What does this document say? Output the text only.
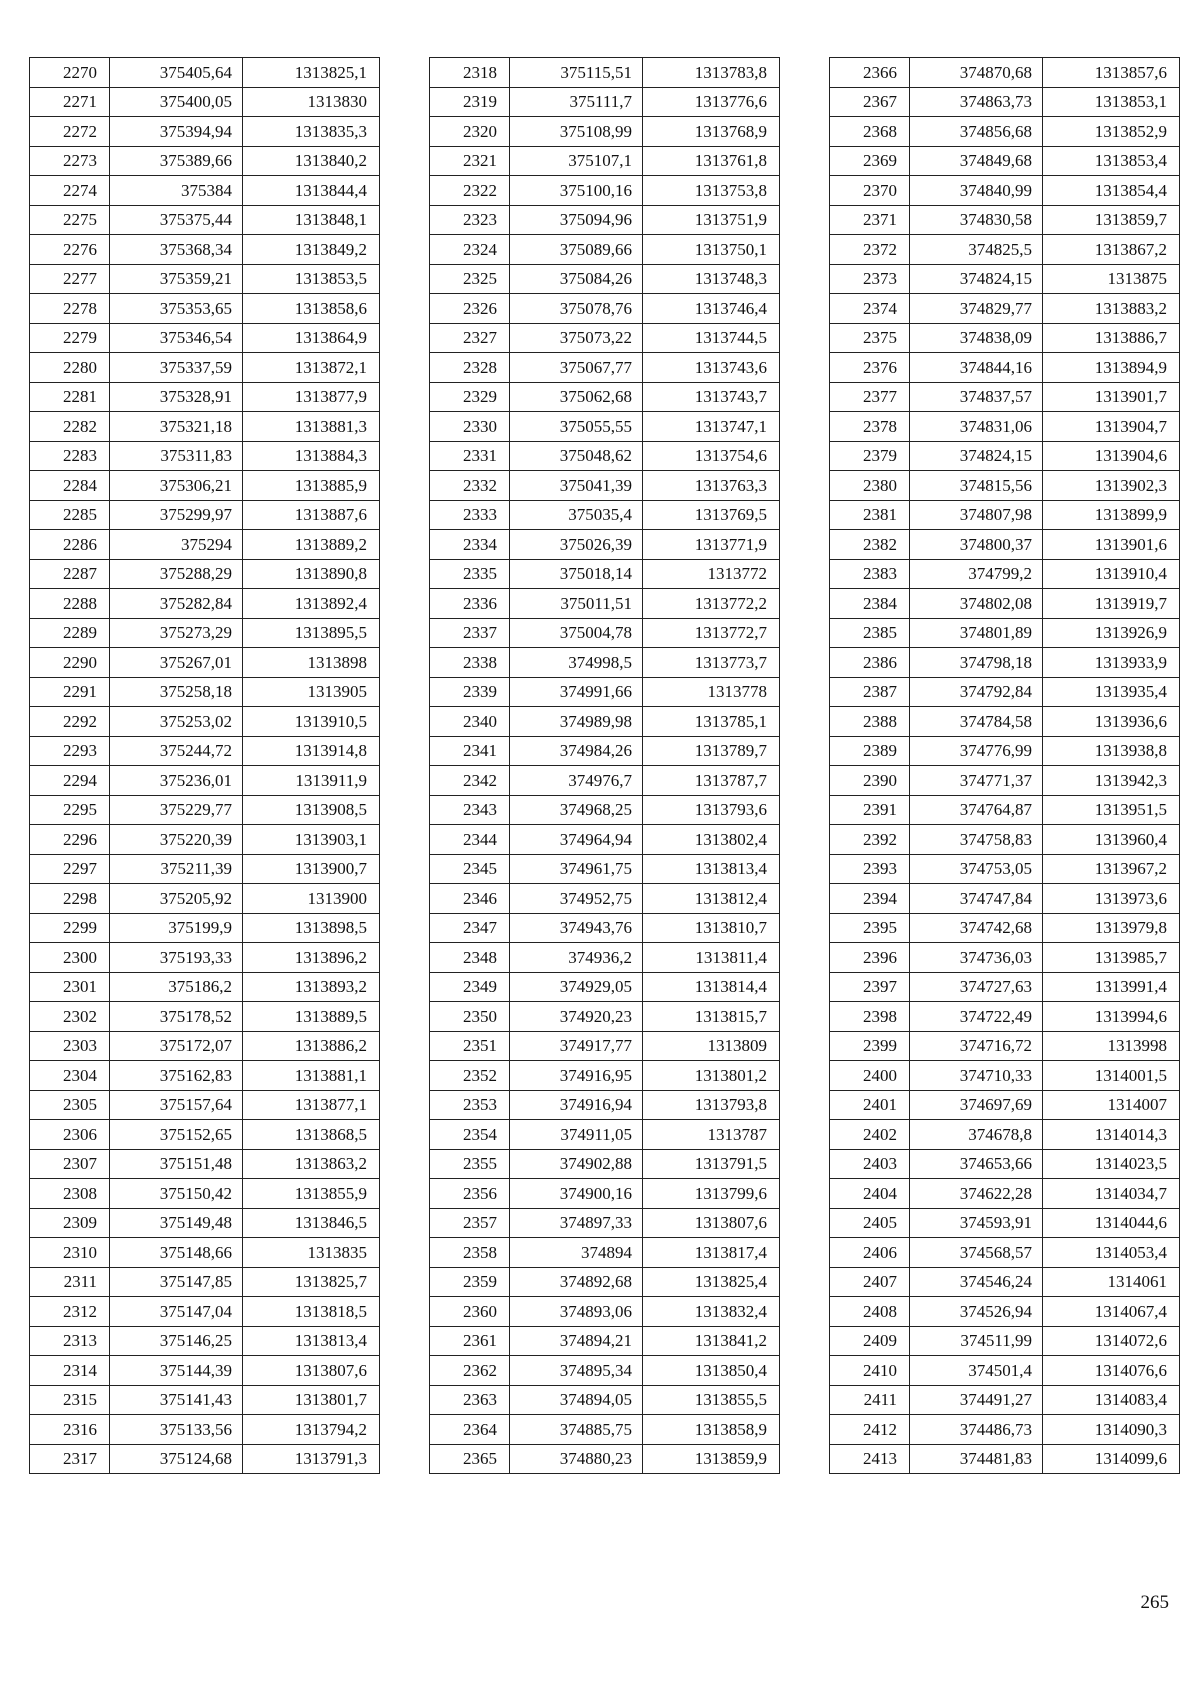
2270	375405,64	1313825,1
2271	375400,05	1313830
2272	375394,94	1313835,3
2273	375389,66	1313840,2
2274	375384	1313844,4
2275	375375,44	1313848,1
2276	375368,34	1313849,2
2277	375359,21	1313853,5
2278	375353,65	1313858,6
2279	375346,54	1313864,9
2280	375337,59	1313872,1
2281	375328,91	1313877,9
2282	375321,18	1313881,3
2283	375311,83	1313884,3
2284	375306,21	1313885,9
2285	375299,97	1313887,6
2286	375294	1313889,2
2287	375288,29	1313890,8
2288	375282,84	1313892,4
2289	375273,29	1313895,5
2290	375267,01	1313898
2291	375258,18	1313905
2292	375253,02	1313910,5
2293	375244,72	1313914,8
2294	375236,01	1313911,9
2295	375229,77	1313908,5
2296	375220,39	1313903,1
2297	375211,39	1313900,7
2298	375205,92	1313900
2299	375199,9	1313898,5
2300	375193,33	1313896,2
2301	375186,2	1313893,2
2302	375178,52	1313889,5
2303	375172,07	1313886,2
2304	375162,83	1313881,1
2305	375157,64	1313877,1
2306	375152,65	1313868,5
2307	375151,48	1313863,2
2308	375150,42	1313855,9
2309	375149,48	1313846,5
2310	375148,66	1313835
2311	375147,85	1313825,7
2312	375147,04	1313818,5
2313	375146,25	1313813,4
2314	375144,39	1313807,6
2315	375141,43	1313801,7
2316	375133,56	1313794,2
2317	375124,68	1313791,3
2318	375115,51	1313783,8
2319	375111,7	1313776,6
2320	375108,99	1313768,9
2321	375107,1	1313761,8
2322	375100,16	1313753,8
2323	375094,96	1313751,9
2324	375089,66	1313750,1
2325	375084,26	1313748,3
2326	375078,76	1313746,4
2327	375073,22	1313744,5
2328	375067,77	1313743,6
2329	375062,68	1313743,7
2330	375055,55	1313747,1
2331	375048,62	1313754,6
2332	375041,39	1313763,3
2333	375035,4	1313769,5
2334	375026,39	1313771,9
2335	375018,14	1313772
2336	375011,51	1313772,2
2337	375004,78	1313772,7
2338	374998,5	1313773,7
2339	374991,66	1313778
2340	374989,98	1313785,1
2341	374984,26	1313789,7
2342	374976,7	1313787,7
2343	374968,25	1313793,6
2344	374964,94	1313802,4
2345	374961,75	1313813,4
2346	374952,75	1313812,4
2347	374943,76	1313810,7
2348	374936,2	1313811,4
2349	374929,05	1313814,4
2350	374920,23	1313815,7
2351	374917,77	1313809
2352	374916,95	1313801,2
2353	374916,94	1313793,8
2354	374911,05	1313787
2355	374902,88	1313791,5
2356	374900,16	1313799,6
2357	374897,33	1313807,6
2358	374894	1313817,4
2359	374892,68	1313825,4
2360	374893,06	1313832,4
2361	374894,21	1313841,2
2362	374895,34	1313850,4
2363	374894,05	1313855,5
2364	374885,75	1313858,9
2365	374880,23	1313859,9
2366	374870,68	1313857,6
2367	374863,73	1313853,1
2368	374856,68	1313852,9
2369	374849,68	1313853,4
2370	374840,99	1313854,4
2371	374830,58	1313859,7
2372	374825,5	1313867,2
2373	374824,15	1313875
2374	374829,77	1313883,2
2375	374838,09	1313886,7
2376	374844,16	1313894,9
2377	374837,57	1313901,7
2378	374831,06	1313904,7
2379	374824,15	1313904,6
2380	374815,56	1313902,3
2381	374807,98	1313899,9
2382	374800,37	1313901,6
2383	374799,2	1313910,4
2384	374802,08	1313919,7
2385	374801,89	1313926,9
2386	374798,18	1313933,9
2387	374792,84	1313935,4
2388	374784,58	1313936,6
2389	374776,99	1313938,8
2390	374771,37	1313942,3
2391	374764,87	1313951,5
2392	374758,83	1313960,4
2393	374753,05	1313967,2
2394	374747,84	1313973,6
2395	374742,68	1313979,8
2396	374736,03	1313985,7
2397	374727,63	1313991,4
2398	374722,49	1313994,6
2399	374716,72	1313998
2400	374710,33	1314001,5
2401	374697,69	1314007
2402	374678,8	1314014,3
2403	374653,66	1314023,5
2404	374622,28	1314034,7
2405	374593,91	1314044,6
2406	374568,57	1314053,4
2407	374546,24	1314061
2408	374526,94	1314067,4
2409	374511,99	1314072,6
2410	374501,4	1314076,6
2411	374491,27	1314083,4
2412	374486,73	1314090,3
2413	374481,83	1314099,6
265
